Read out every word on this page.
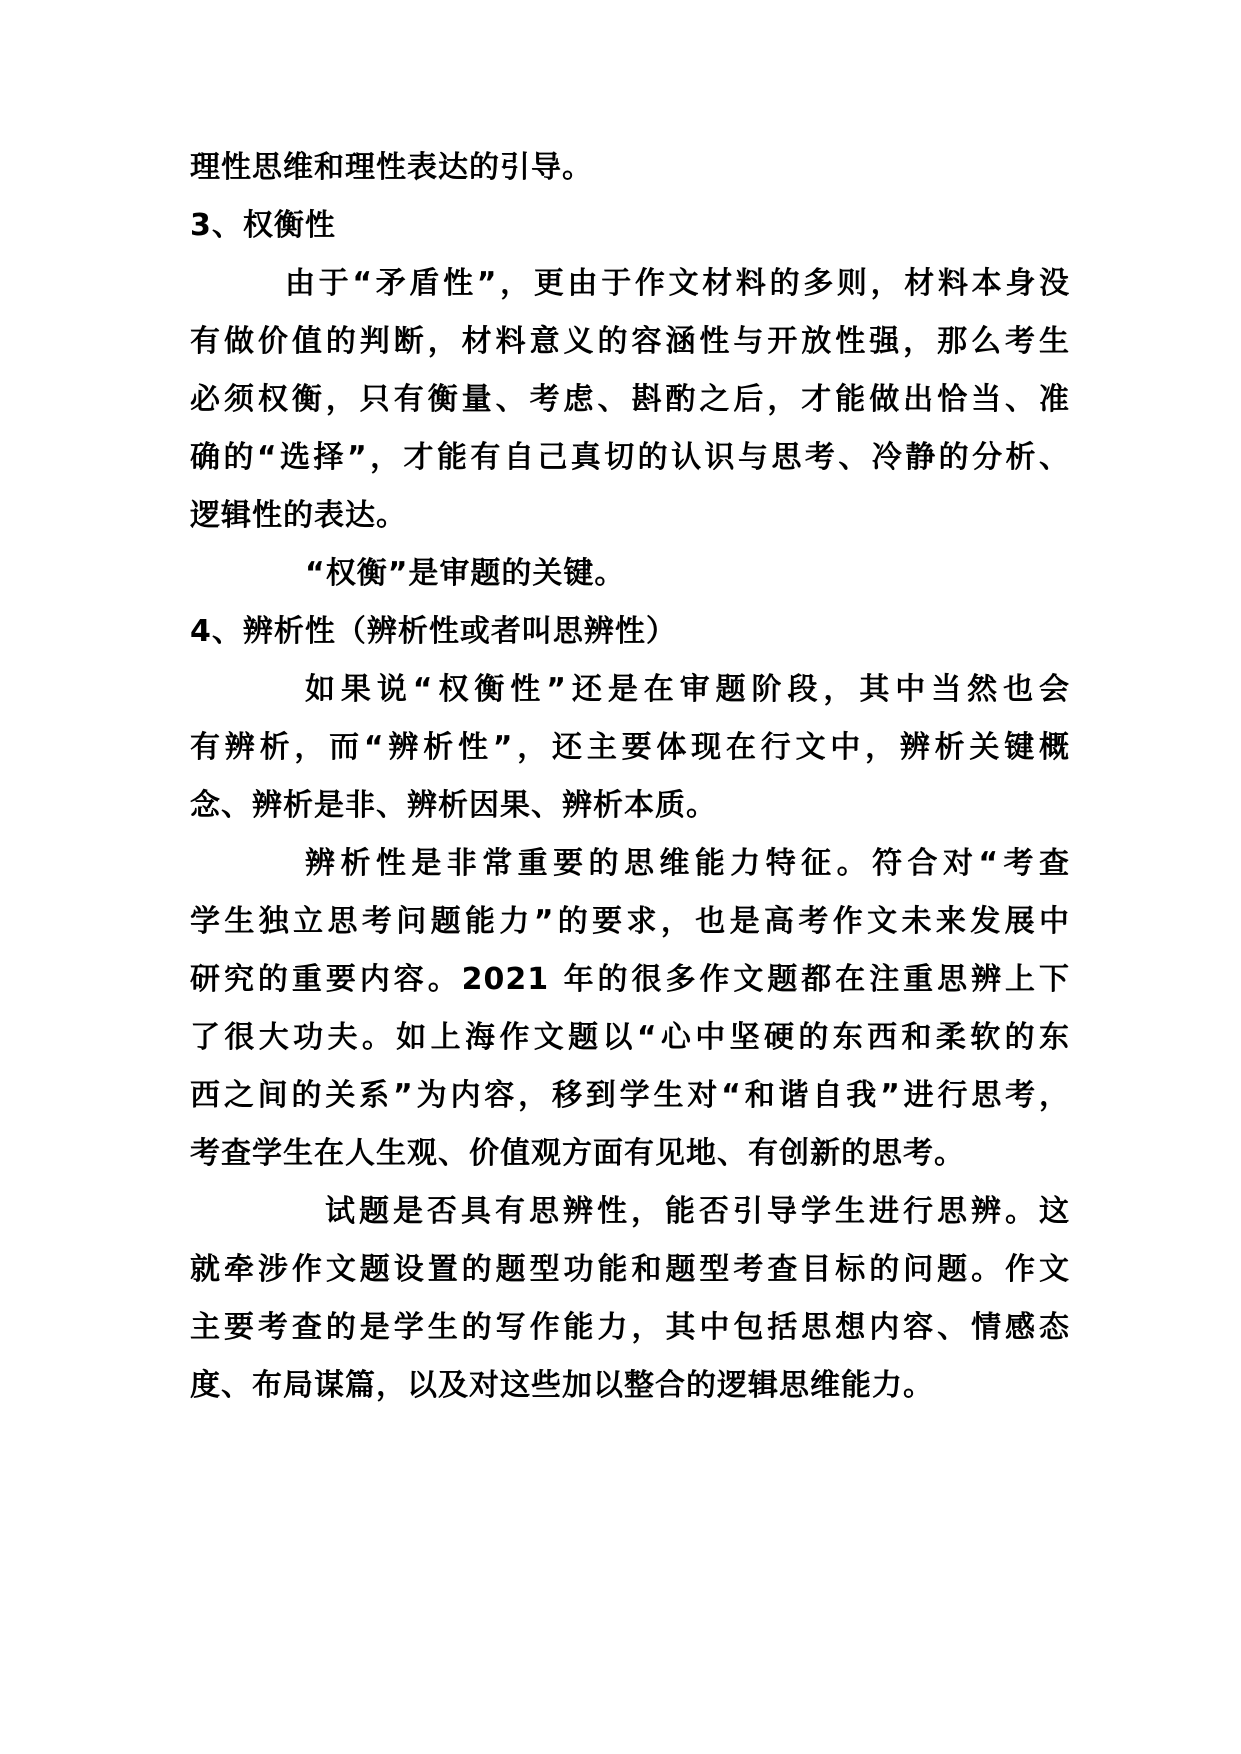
理性思维和理性表达的引导。
3、权衡性
由于“矛盾性”，更由于作文材料的多则，材料本身没
有做价值的判断，材料意义的容涵性与开放性强，那么考生
必须权衡，只有衡量、考虑、斟酌之后，才能做出恰当、准
确的“选择”，才能有自己真切的认识与思考、冷静的分析、
逻辑性的表达。
“权衡”是审题的关键。
4、辨析性（辨析性或者叫思辨性）
如果说“权衡性”还是在审题阶段，其中当然也会
有辨析，而“辨析性”，还主要体现在行文中，辨析关键概
念、辨析是非、辨析因果、辨析本质。
辨析性是非常重要的思维能力特征。符合对“考查
学生独立思考问题能力”的要求，也是高考作文未来发展中
研究的重要内容。2021 年的很多作文题都在注重思辨上下
了很大功夫。如上海作文题以“心中坚硬的东西和柔软的东
西之间的关系”为内容，移到学生对“和谐自我”进行思考，
考查学生在人生观、价值观方面有见地、有创新的思考。
试题是否具有思辨性，能否引导学生进行思辨。这
就牵涉作文题设置的题型功能和题型考查目标的问题。作文
主要考查的是学生的写作能力，其中包括思想内容、情感态
度、布局谋篇，以及对这些加以整合的逻辑思维能力。
